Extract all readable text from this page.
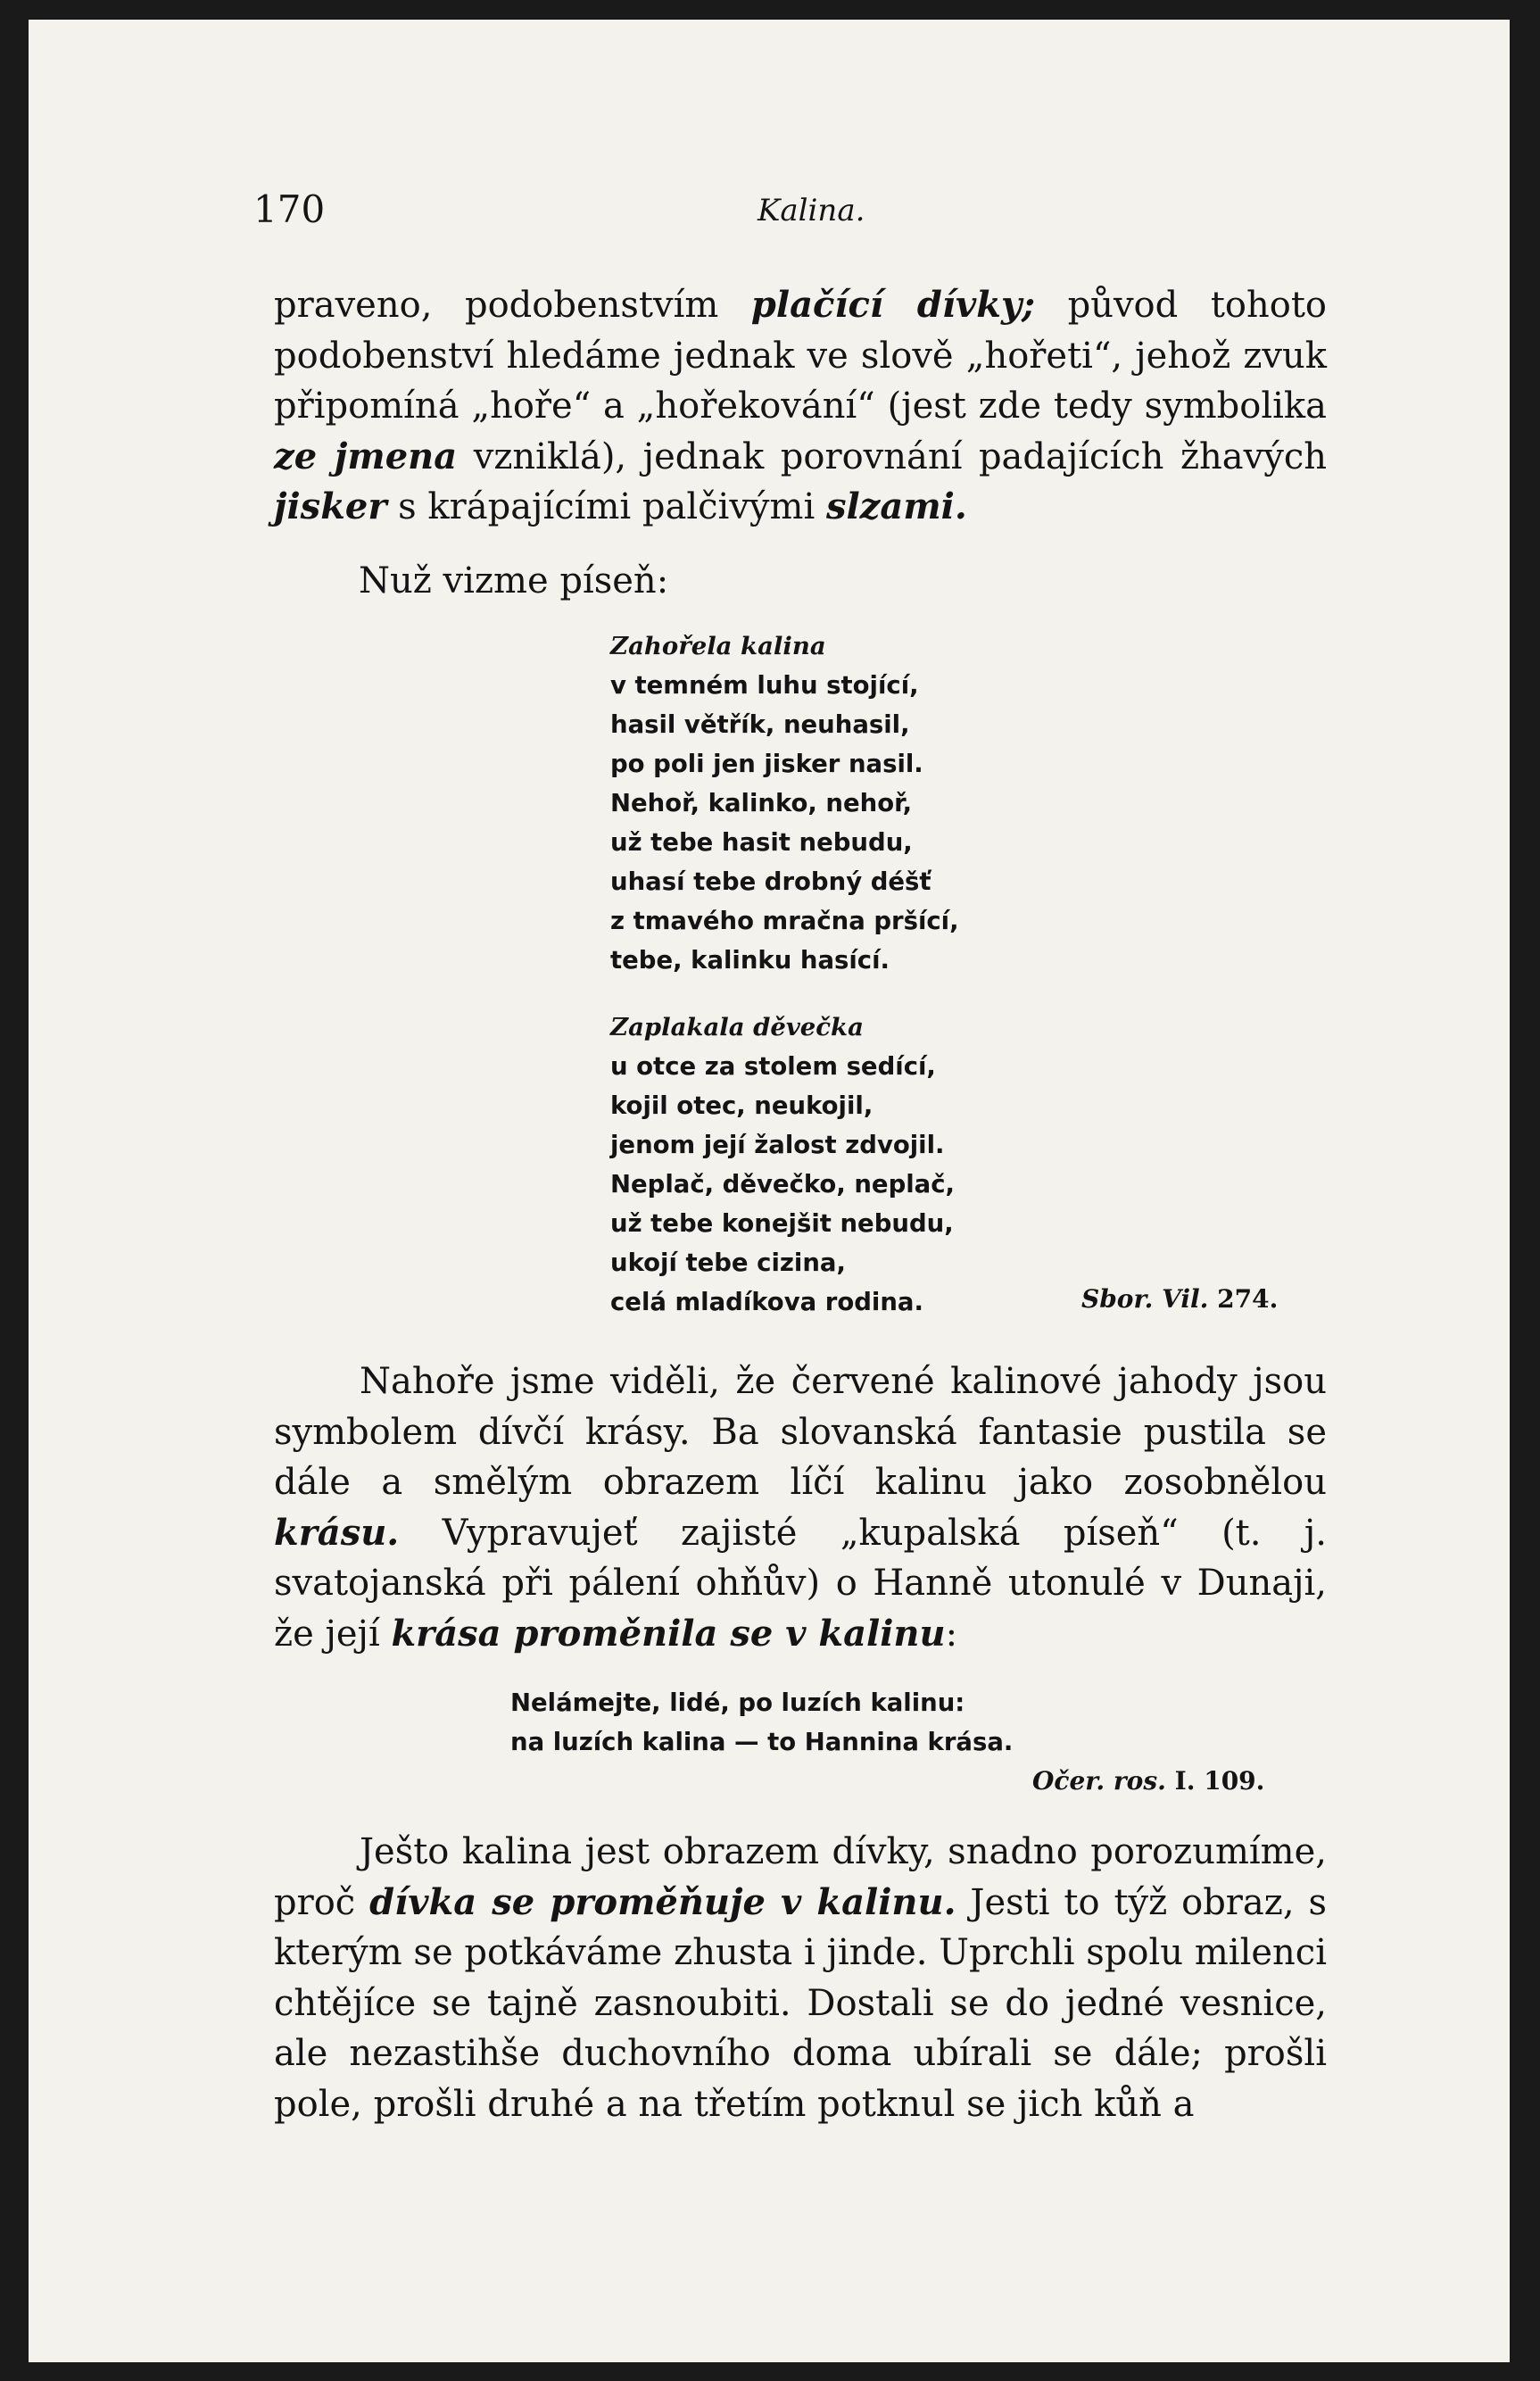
170	Kalina.

praveno, podobenstvím plačící dívky; původ tohoto podobenství hledáme jednak ve slově „hořeti“, jehož zvuk připomíná „hoře“ a „hořekování“ (jest zde tedy symbolika ze jmena vzniklá), jednak porovnání padajících žhavých jisker s krápajícími palčivými slzami.

Nuž vizme píseň:
Zahořela kalina
v temném luhu stojící,
hasil větřík, neuhasil,
po poli jen jisker nasil.
Nehoř, kalinko, nehoř,
už tebe hasit nebudu,
uhasí tebe drobný déšť
z tmavého mračna pršící,
tebe, kalinku hasící.
Zaplakala děvečka
u otce za stolem sedící,
kojil otec, neukojil,
jenom její žalost zdvojil.
Neplač, děvečko, neplač,
už tebe konejšit nebudu,
ukojí tebe cizina,
celá mladíkova rodina.	Sbor. Vil. 274.

Nahoře jsme viděli, že červené kalinové jahody jsou symbolem dívčí krásy. Ba slovanská fantasie pustila se dále a smělým obrazem líčí kalinu jako zosobnělou krásu. Vypravujeť zajisté „kupalská píseň“ (t. j. svatojanská při pálení ohňův) o Hanně utonulé v Dunaji, že její krása proměnila se v kalinu:

Nelámejte, lidé, po luzích kalinu:
na luzích kalina — to Hannina krása.
Očer. ros. I. 109.

Ješto kalina jest obrazem dívky, snadno porozumíme, proč dívka se proměňuje v kalinu. Jesti to týž obraz, s kterým se potkáváme zhusta i jinde. Uprchli spolu milenci chtějíce se tajně zasnoubiti. Dostali se do jedné vesnice, ale nezastihše duchovního doma ubírali se dále; prošli pole, prošli druhé a na třetím potknul se jich kůň a
